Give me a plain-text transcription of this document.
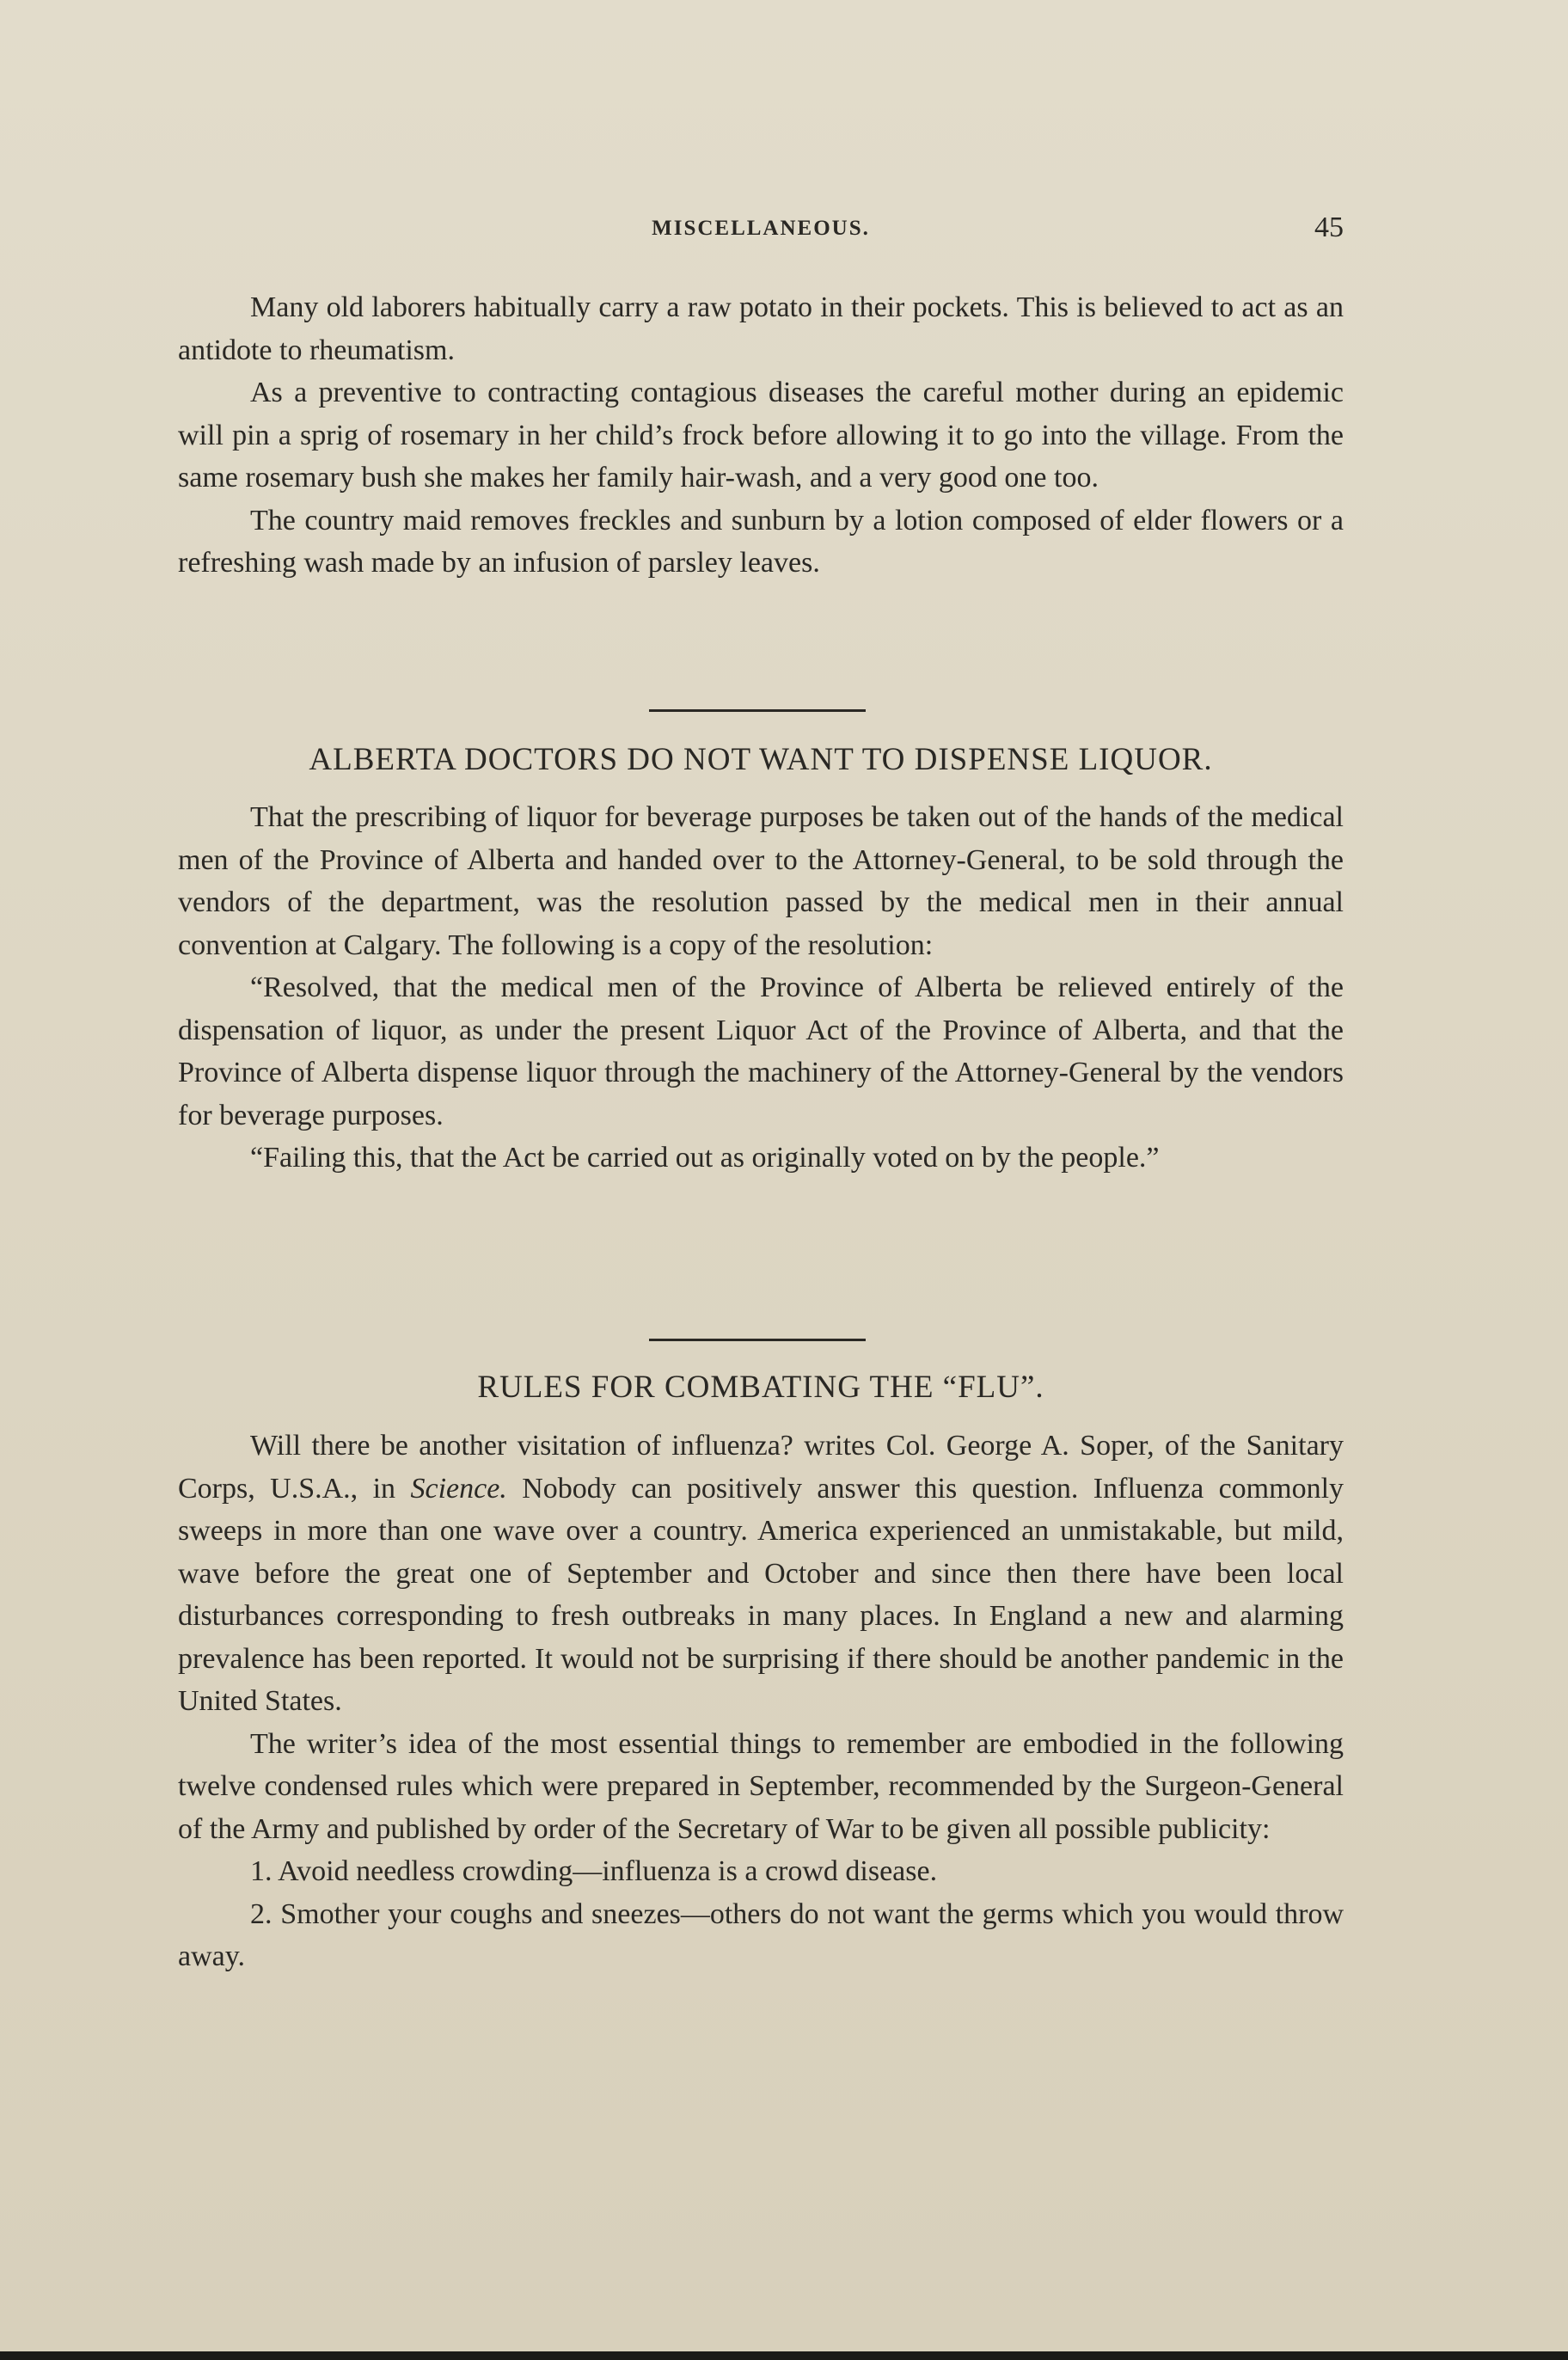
MISCELLANEOUS.	45

Many old laborers habitually carry a raw potato in their pockets. This is believed to act as an antidote to rheumatism.

As a preventive to contracting contagious diseases the careful mother during an epidemic will pin a sprig of rosemary in her child’s frock before allowing it to go into the village. From the same rosemary bush she makes her family hair-wash, and a very good one too.

The country maid removes freckles and sunburn by a lotion composed of elder flowers or a refreshing wash made by an infusion of parsley leaves.

ALBERTA DOCTORS DO NOT WANT TO DISPENSE LIQUOR.

That the prescribing of liquor for beverage purposes be taken out of the hands of the medical men of the Province of Alberta and handed over to the Attorney-General, to be sold through the vendors of the department, was the resolution passed by the medical men in their annual convention at Calgary. The following is a copy of the resolution:

“Resolved, that the medical men of the Province of Alberta be relieved entirely of the dispensation of liquor, as under the present Liquor Act of the Province of Alberta, and that the Province of Alberta dispense liquor through the machinery of the Attorney-General by the vendors for beverage purposes.

“Failing this, that the Act be carried out as originally voted on by the people.”

RULES FOR COMBATING THE “FLU”.

Will there be another visitation of influenza? writes Col. George A. Soper, of the Sanitary Corps, U.S.A., in Science. Nobody can positively answer this question. Influenza commonly sweeps in more than one wave over a country. America experienced an unmistakable, but mild, wave before the great one of September and October and since then there have been local disturbances corresponding to fresh outbreaks in many places. In England a new and alarming prevalence has been reported. It would not be surprising if there should be another pandemic in the United States.

The writer’s idea of the most essential things to remember are embodied in the following twelve condensed rules which were prepared in September, recommended by the Surgeon-General of the Army and published by order of the Secretary of War to be given all possible publicity:

1. Avoid needless crowding—influenza is a crowd disease.

2. Smother your coughs and sneezes—others do not want the germs which you would throw away.
